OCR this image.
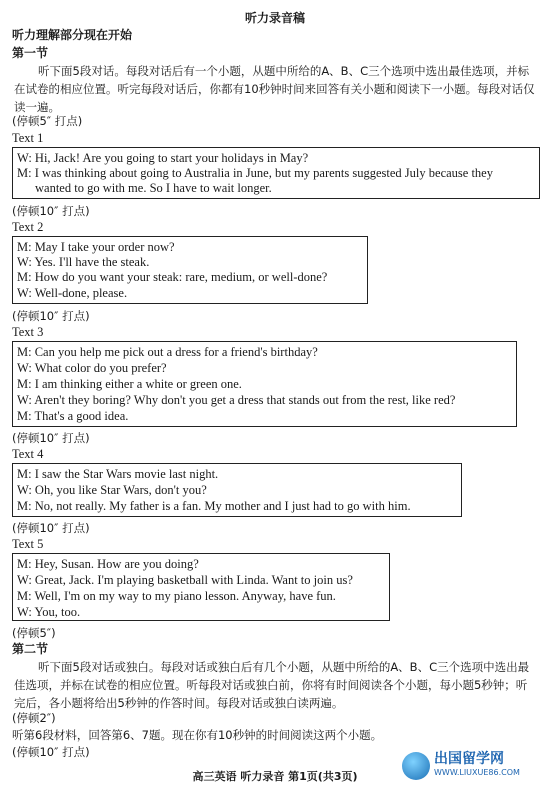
听力录音稿
听力理解部分现在开始
第一节
听下面5段对话。每段对话后有一个小题，从题中所给的A、B、C三个选项中选出最佳选项，并标在试卷的相应位置。听完每段对话后，你都有10秒钟时间来回答有关小题和阅读下一小题。每段对话仅读一遍。
(停顿5″ 打点)
Text 1
W: Hi, Jack! Are you going to start your holidays in May?
M: I was thinking about going to Australia in June, but my parents suggested July because they
wanted to go with me. So I have to wait longer.
(停顿10″ 打点)
Text 2
M: May I take your order now?
W: Yes. I'll have the steak.
M: How do you want your steak: rare, medium, or well-done?
W: Well-done, please.
(停顿10″ 打点)
Text 3
M: Can you help me pick out a dress for a friend's birthday?
W: What color do you prefer?
M: I am thinking either a white or green one.
W: Aren't they boring? Why don't you get a dress that stands out from the rest, like red?
M: That's a good idea.
(停顿10″ 打点)
Text 4
M: I saw the Star Wars movie last night.
W: Oh, you like Star Wars, don't you?
M: No, not really. My father is a fan. My mother and I just had to go with him.
(停顿10″ 打点)
Text 5
M: Hey, Susan. How are you doing?
W: Great, Jack. I'm playing basketball with Linda. Want to join us?
M: Well, I'm on my way to my piano lesson. Anyway, have fun.
W: You, too.
(停顿5″)
第二节
听下面5段对话或独白。每段对话或独白后有几个小题，从题中所给的A、B、C三个选项中选出最佳选项，并标在试卷的相应位置。听每段对话或独白前，你将有时间阅读各个小题，每小题5秒钟；听完后，各小题将给出5秒钟的作答时间。每段对话或独白读两遍。
(停顿2″)
听第6段材料，回答第6、7题。现在你有10秒钟的时间阅读这两个小题。
(停顿10″ 打点)
高三英语 听力录音 第1页(共3页)
出国留学网
WWW.LIUXUE86.COM
